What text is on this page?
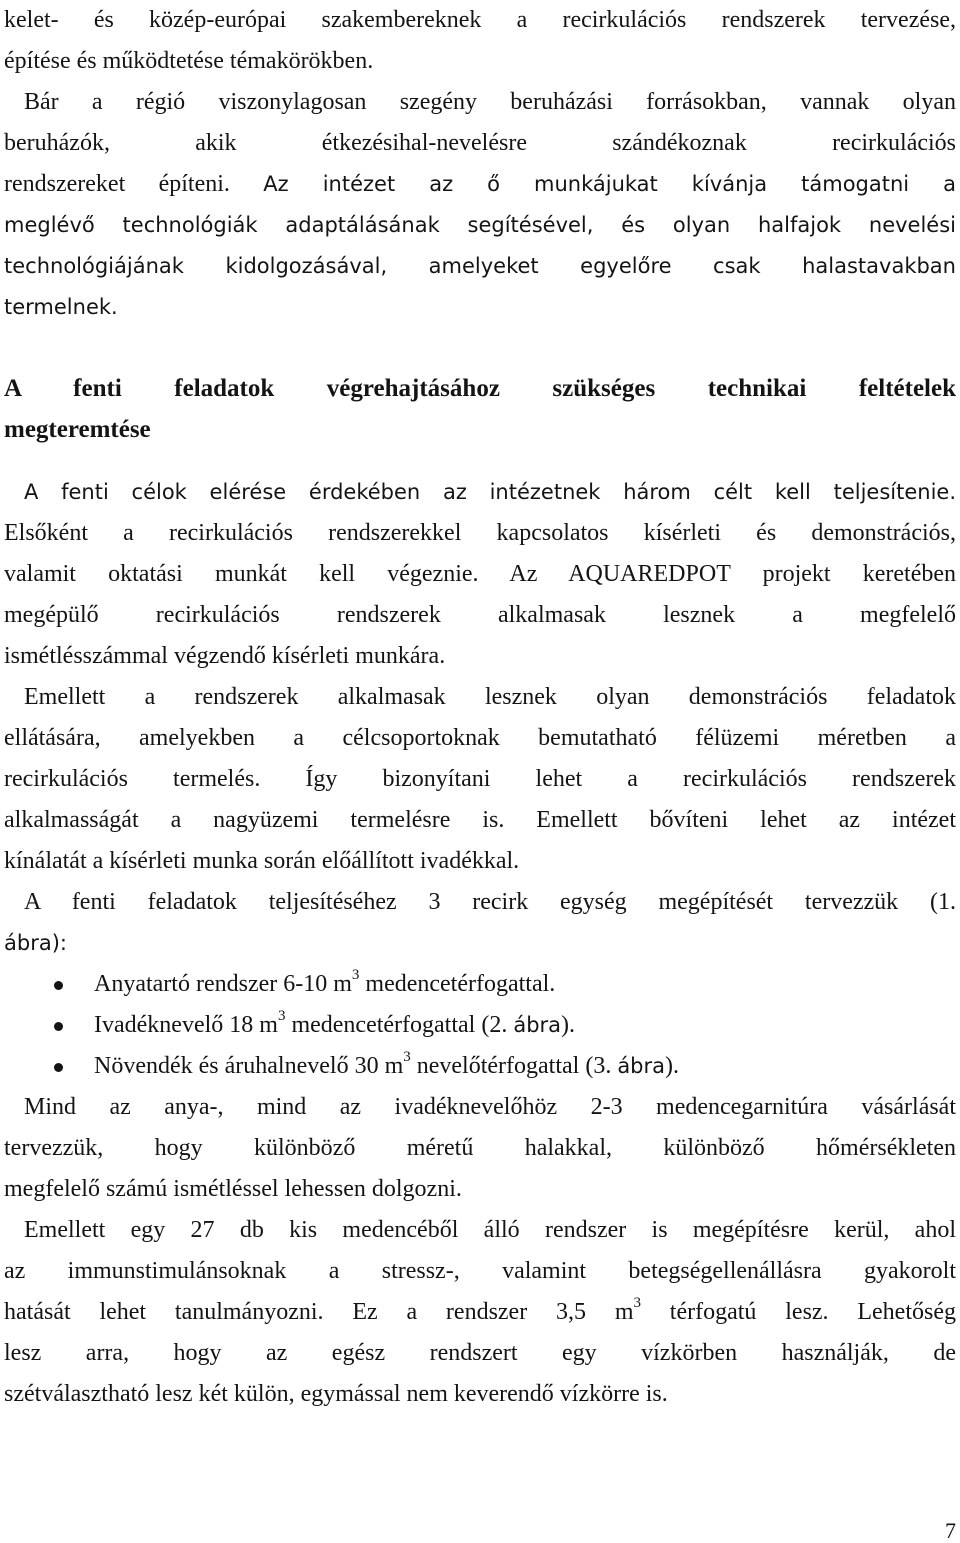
kelet- és közép-európai szakembereknek a recirkulációs rendszerek tervezése,
építése és működtetése témakörökben.
Bár a régió viszonylagosan szegény beruházási forrásokban, vannak olyan
beruházók, akik étkezésihal-nevelésre szándékoznak recirkulációs
rendszereket építeni. Az intézet az ő munkájukat kívánja támogatni a
meglévő technológiák adaptálásának segítésével, és olyan halfajok nevelési
technológiájának kidolgozásával, amelyeket egyelőre csak halastavakban
termelnek.
A fenti feladatok végrehajtásához szükséges technikai feltételek
megteremtése
A fenti célok elérése érdekében az intézetnek három célt kell teljesítenie.
Elsőként a recirkulációs rendszerekkel kapcsolatos kísérleti és demonstrációs,
valamit oktatási munkát kell végeznie. Az AQUAREDPOT projekt keretében
megépülő recirkulációs rendszerek alkalmasak lesznek a megfelelő
ismétlésszámmal végzendő kísérleti munkára.
Emellett a rendszerek alkalmasak lesznek olyan demonstrációs feladatok
ellátására, amelyekben a célcsoportoknak bemutatható félüzemi méretben a
recirkulációs termelés. Így bizonyítani lehet a recirkulációs rendszerek
alkalmasságát a nagyüzemi termelésre is. Emellett bővíteni lehet az intézet
kínálatát a kísérleti munka során előállított ivadékkal.
A fenti feladatok teljesítéséhez 3 recirk egység megépítését tervezzük (1.
ábra):
Anyatartó rendszer 6-10 $m^3$ medencetérfogattal.
Ivadéknevelő 18 $m^3$ medencetérfogattal (2. ábra).
Növendék és áruhalnevelő 30 $m^3$ nevelőtérfogattal (3. ábra).
Mind az anya-, mind az ivadéknevelőhöz 2-3 medencegarnitúra vásárlását
tervezzük, hogy különböző méretű halakkal, különböző hőmérsékleten
megfelelő számú ismétléssel lehessen dolgozni.
Emellett egy 27 db kis medencéből álló rendszer is megépítésre kerül, ahol
az immunstimulánsoknak a stressz-, valamint betegségellenállásra gyakorolt
hatását lehet tanulmányozni. Ez a rendszer 3,5 $m^3$ térfogatú lesz. Lehetőség
lesz arra, hogy az egész rendszert egy vízkörben használják, de
szétválasztható lesz két külön, egymással nem keverendő vízkörre is.
7
